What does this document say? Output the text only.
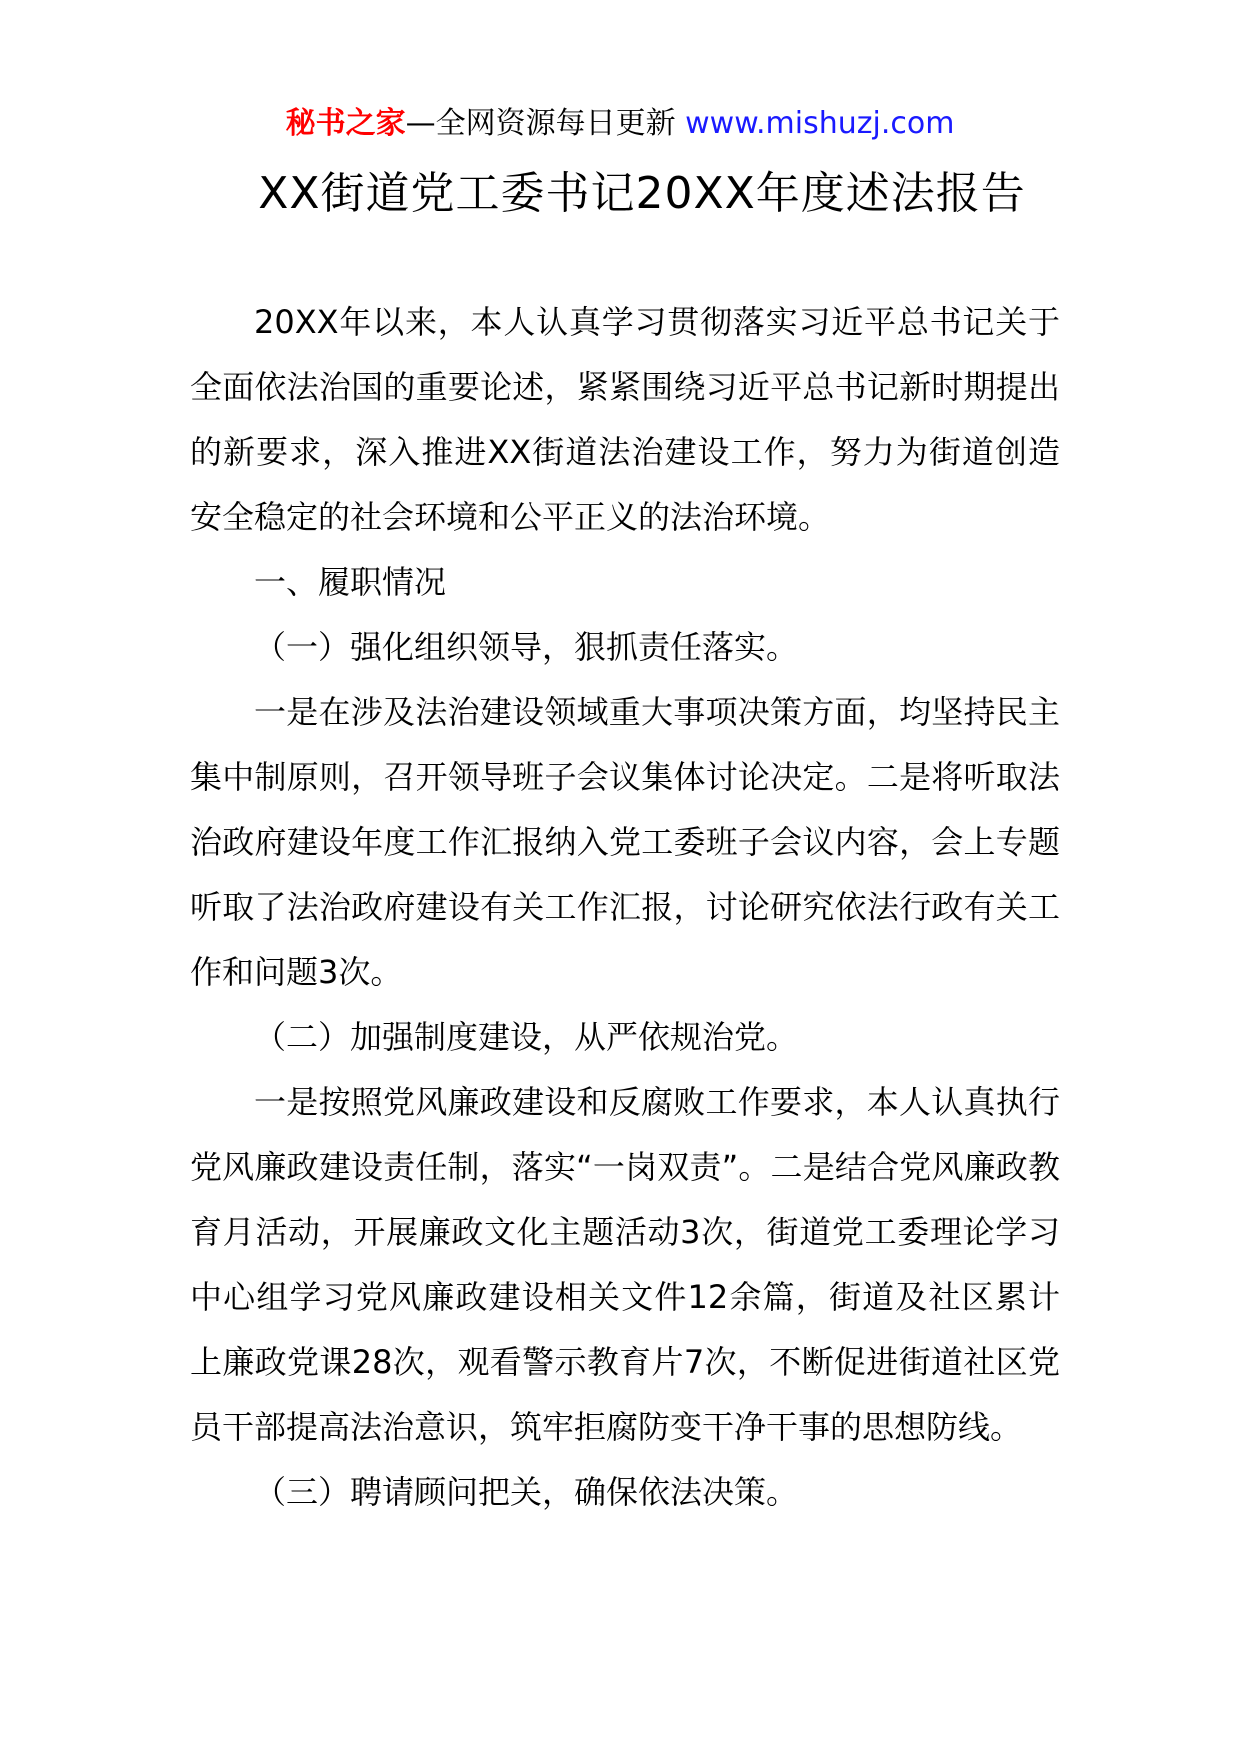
秘书之家—全网资源每日更新 www.mishuzj.com
XX街道党工委书记20XX年度述法报告

20XX年以来，本人认真学习贯彻落实习近平总书记关于全面依法治国的重要论述，紧紧围绕习近平总书记新时期提出的新要求，深入推进XX街道法治建设工作，努力为街道创造安全稳定的社会环境和公平正义的法治环境。

一、履职情况

（一）强化组织领导，狠抓责任落实。

一是在涉及法治建设领域重大事项决策方面，均坚持民主集中制原则，召开领导班子会议集体讨论决定。二是将听取法治政府建设年度工作汇报纳入党工委班子会议内容，会上专题听取了法治政府建设有关工作汇报，讨论研究依法行政有关工作和问题3次。

（二）加强制度建设，从严依规治党。

一是按照党风廉政建设和反腐败工作要求，本人认真执行党风廉政建设责任制，落实“一岗双责”。二是结合党风廉政教育月活动，开展廉政文化主题活动3次，街道党工委理论学习中心组学习党风廉政建设相关文件12余篇，街道及社区累计上廉政党课28次，观看警示教育片7次，不断促进街道社区党员干部提高法治意识，筑牢拒腐防变干净干事的思想防线。

（三）聘请顾问把关，确保依法决策。
